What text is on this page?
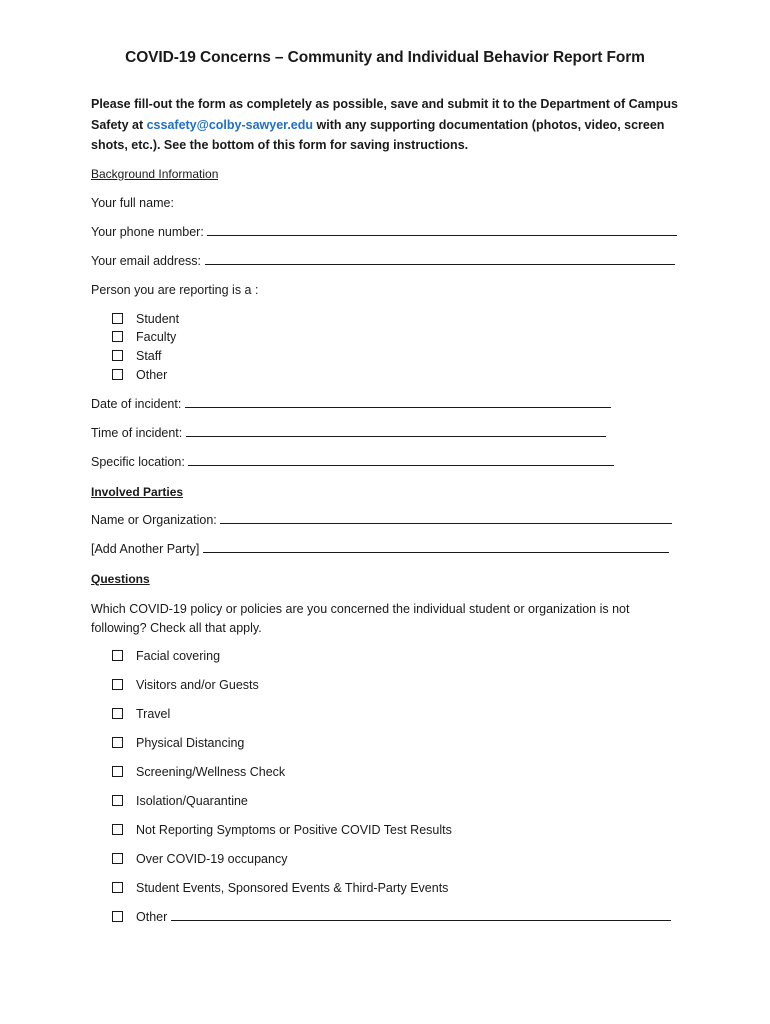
COVID-19 Concerns – Community and Individual Behavior Report Form
Please fill-out the form as completely as possible, save and submit it to the Department of Campus Safety at cssafety@colby-sawyer.edu with any supporting documentation (photos, video, screen shots, etc.). See the bottom of this form for saving instructions.
Background Information
Your full name:
Your phone number:
Your email address:
Person you are reporting is a :
Student
Faculty
Staff
Other
Date of incident:
Time of incident:
Specific location:
Involved Parties
Name or Organization:
[Add Another Party]
Questions
Which COVID-19 policy or policies are you concerned the individual student or organization is not following? Check all that apply.
Facial covering
Visitors and/or Guests
Travel
Physical Distancing
Screening/Wellness Check
Isolation/Quarantine
Not Reporting Symptoms or Positive COVID Test Results
Over COVID-19 occupancy
Student Events, Sponsored Events & Third-Party Events
Other
